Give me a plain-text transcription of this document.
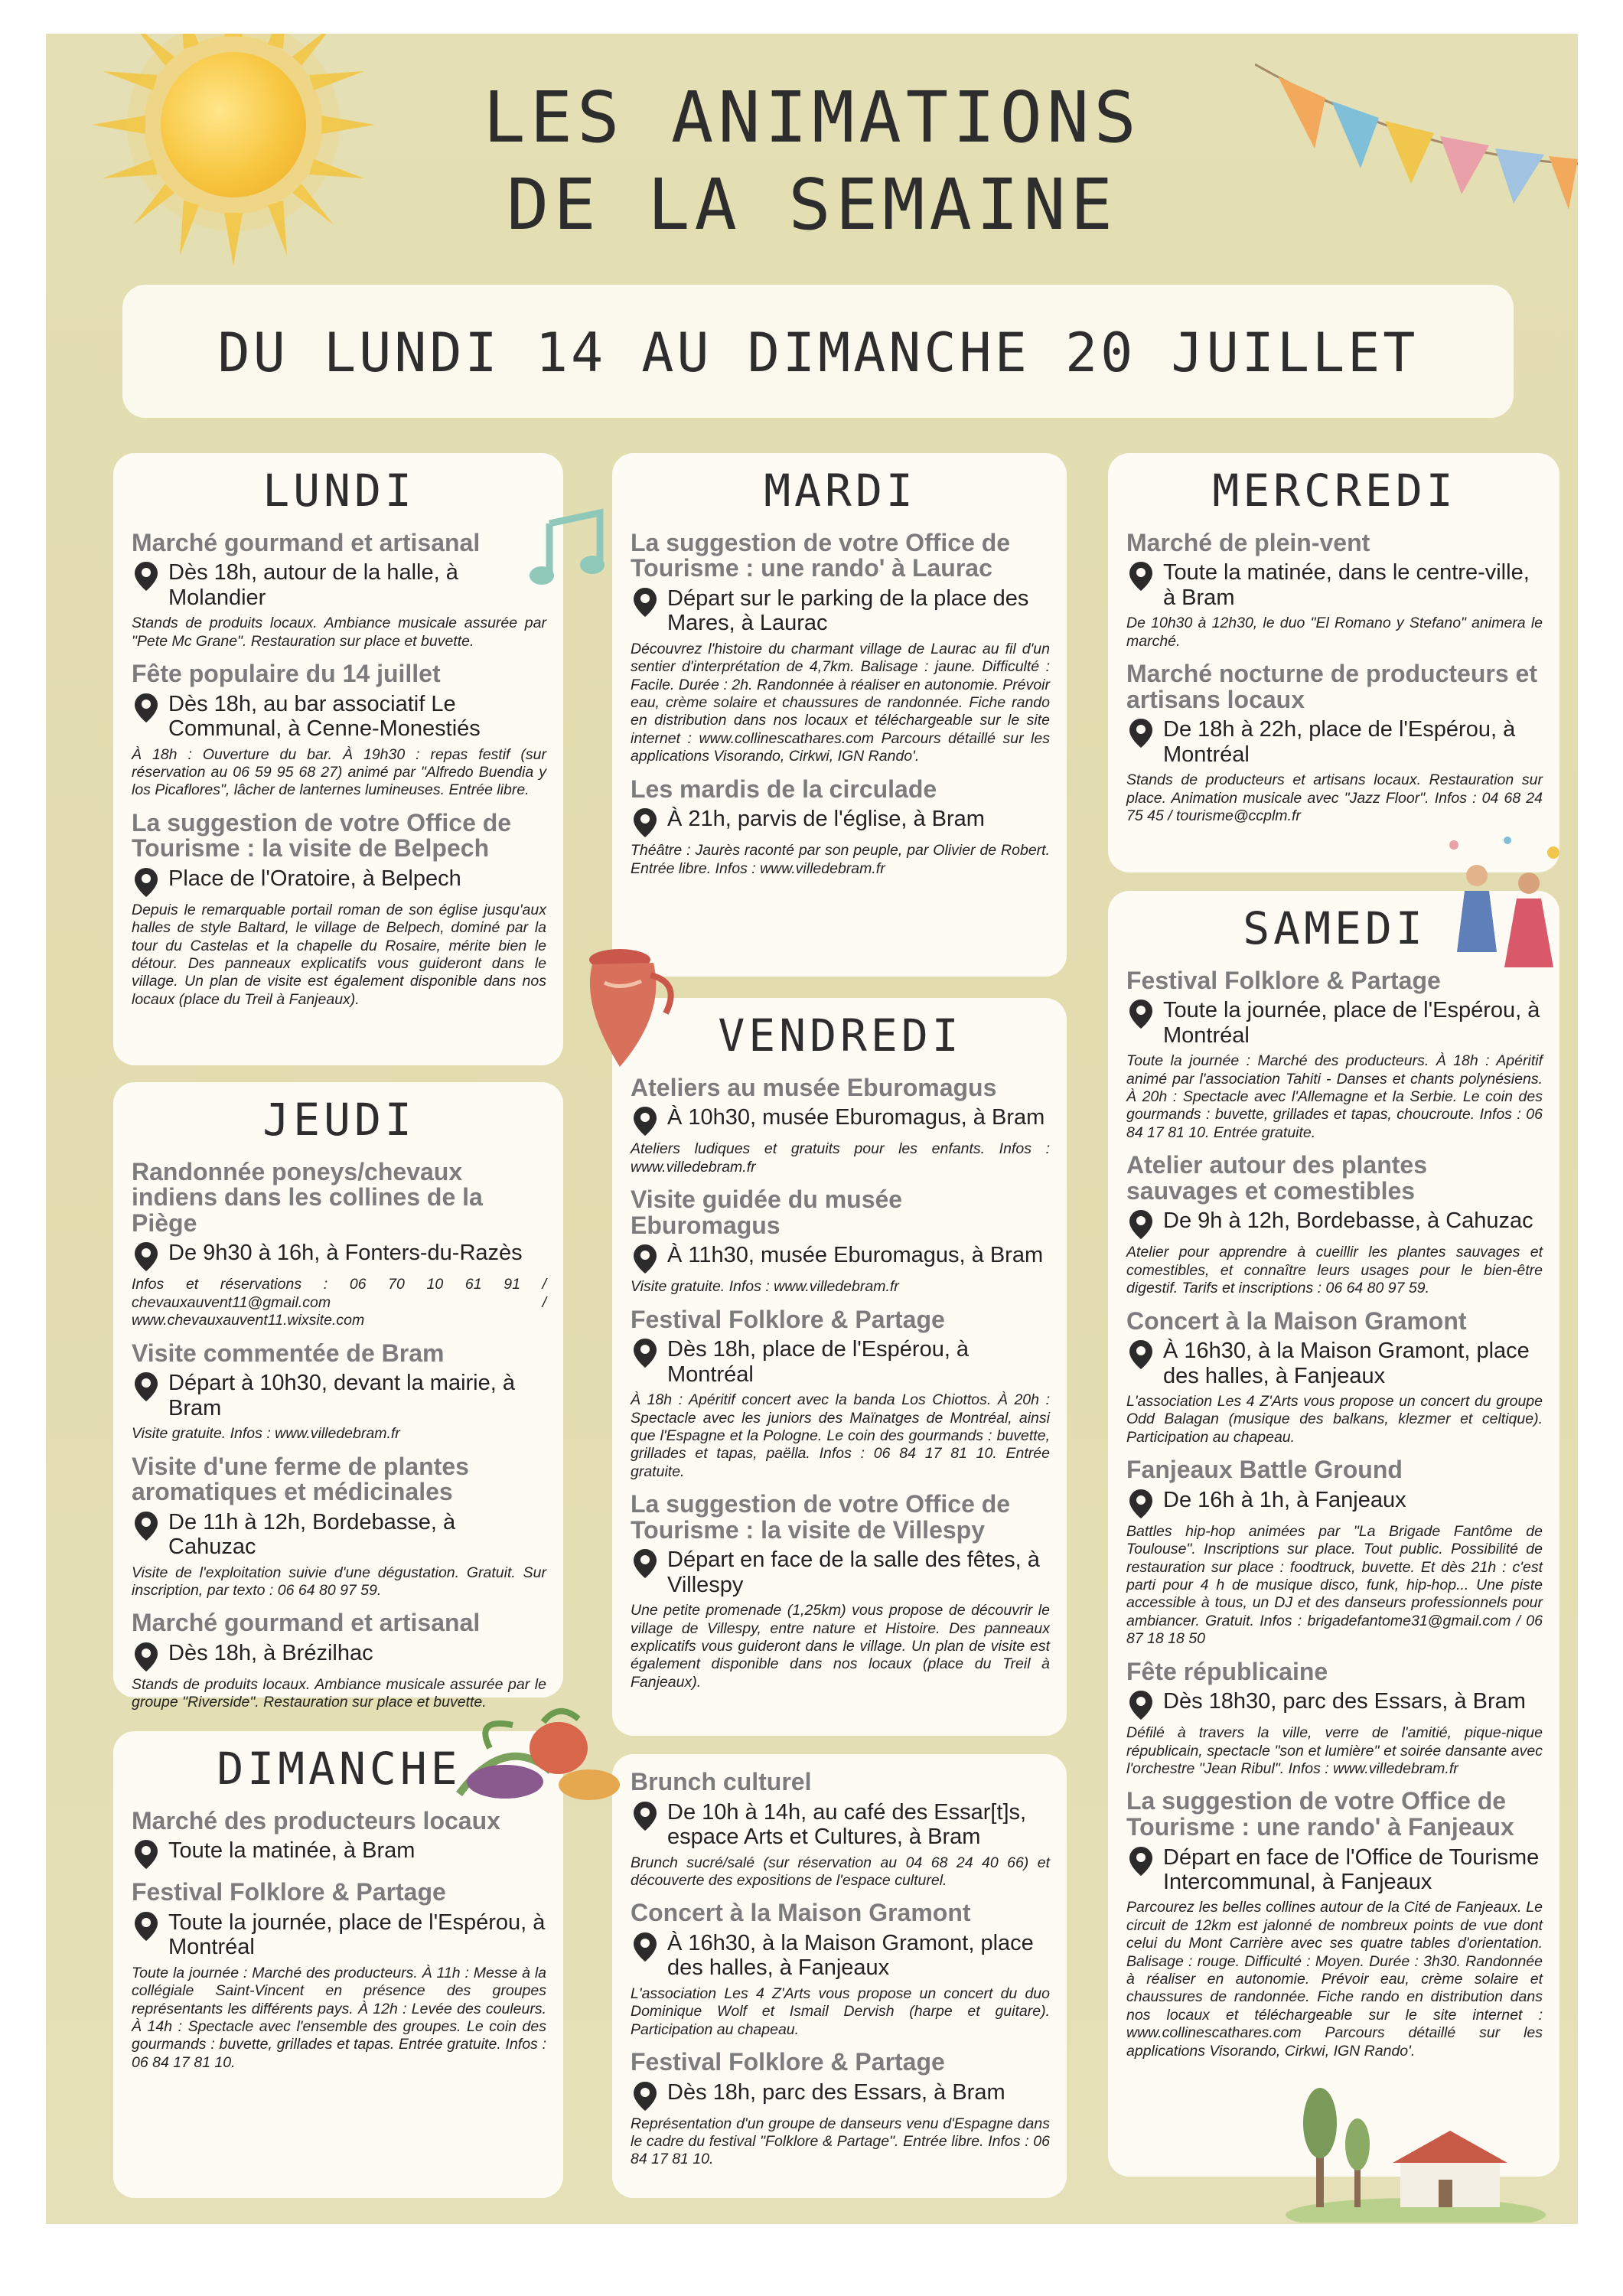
LES ANIMATIONS
DE LA SEMAINE
DU LUNDI 14 AU DIMANCHE 20 JUILLET
LUNDI
Marché gourmand et artisanal
Dès 18h, autour de la halle, à Molandier
Stands de produits locaux. Ambiance musicale assurée par "Pete Mc Grane". Restauration sur place et buvette.
Fête populaire du 14 juillet
Dès 18h, au bar associatif Le Communal, à Cenne-Monestiés
À 18h : Ouverture du bar. À 19h30 : repas festif (sur réservation au 06 59 95 68 27) animé par "Alfredo Buendia y los Picaflores", lâcher de lanternes lumineuses. Entrée libre.
La suggestion de votre Office de Tourisme : la visite de Belpech
Place de l'Oratoire, à Belpech
Depuis le remarquable portail roman de son église jusqu'aux halles de style Baltard, le village de Belpech, dominé par la tour du Castelas et la chapelle du Rosaire, mérite bien le détour. Des panneaux explicatifs vous guideront dans le village. Un plan de visite est également disponible dans nos locaux (place du Treil à Fanjeaux).
MARDI
La suggestion de votre Office de Tourisme : une rando' à Laurac
Départ sur le parking de la place des Mares, à Laurac
Découvrez l'histoire du charmant village de Laurac au fil d'un sentier d'interprétation de 4,7km. Balisage : jaune. Difficulté : Facile. Durée : 2h. Randonnée à réaliser en autonomie. Prévoir eau, crème solaire et chaussures de randonnée. Fiche rando en distribution dans nos locaux et téléchargeable sur le site internet : www.collinescathares.com Parcours détaillé sur les applications Visorando, Cirkwi, IGN Rando'.
Les mardis de la circulade
À 21h, parvis de l'église, à Bram
Théâtre : Jaurès raconté par son peuple, par Olivier de Robert. Entrée libre. Infos : www.villedebram.fr
MERCREDI
Marché de plein-vent
Toute la matinée, dans le centre-ville, à Bram
De 10h30 à 12h30, le duo "El Romano y Stefano" animera le marché.
Marché nocturne de producteurs et artisans locaux
De 18h à 22h, place de l'Espérou, à Montréal
Stands de producteurs et artisans locaux. Restauration sur place. Animation musicale avec "Jazz Floor". Infos : 04 68 24 75 45 / tourisme@ccplm.fr
JEUDI
Randonnée poneys/chevaux indiens dans les collines de la Piège
De 9h30 à 16h, à Fonters-du-Razès
Infos et réservations : 06 70 10 61 91 / chevauxauvent11@gmail.com / www.chevauxauvent11.wixsite.com
Visite commentée de Bram
Départ à 10h30, devant la mairie, à Bram
Visite gratuite. Infos : www.villedebram.fr
Visite d'une ferme de plantes aromatiques et médicinales
De 11h à 12h, Bordebasse, à Cahuzac
Visite de l'exploitation suivie d'une dégustation. Gratuit. Sur inscription, par texto : 06 64 80 97 59.
Marché gourmand et artisanal
Dès 18h, à Brézilhac
Stands de produits locaux. Ambiance musicale assurée par le groupe "Riverside". Restauration sur place et buvette.
VENDREDI
Ateliers au musée Eburomagus
À 10h30, musée Eburomagus, à Bram
Ateliers ludiques et gratuits pour les enfants. Infos : www.villedebram.fr
Visite guidée du musée Eburomagus
À 11h30, musée Eburomagus, à Bram
Visite gratuite. Infos : www.villedebram.fr
Festival Folklore & Partage
Dès 18h, place de l'Espérou, à Montréal
À 18h : Apéritif concert avec la banda Los Chiottos. À 20h : Spectacle avec les juniors des Maïnatges de Montréal, ainsi que l'Espagne et la Pologne. Le coin des gourmands : buvette, grillades et tapas, paëlla. Infos : 06 84 17 81 10. Entrée gratuite.
La suggestion de votre Office de Tourisme : la visite de Villespy
Départ en face de la salle des fêtes, à Villespy
Une petite promenade (1,25km) vous propose de découvrir le village de Villespy, entre nature et Histoire. Des panneaux explicatifs vous guideront dans le village. Un plan de visite est également disponible dans nos locaux (place du Treil à Fanjeaux).
SAMEDI
Festival Folklore & Partage
Toute la journée, place de l'Espérou, à Montréal
Toute la journée : Marché des producteurs. À 18h : Apéritif animé par l'association Tahiti - Danses et chants polynésiens. À 20h : Spectacle avec l'Allemagne et la Serbie. Le coin des gourmands : buvette, grillades et tapas, choucroute. Infos : 06 84 17 81 10. Entrée gratuite.
Atelier autour des plantes sauvages et comestibles
De 9h à 12h, Bordebasse, à Cahuzac
Atelier pour apprendre à cueillir les plantes sauvages et comestibles, et connaître leurs usages pour le bien-être digestif. Tarifs et inscriptions : 06 64 80 97 59.
Concert à la Maison Gramont
À 16h30, à la Maison Gramont, place des halles, à Fanjeaux
L'association Les 4 Z'Arts vous propose un concert du groupe Odd Balagan (musique des balkans, klezmer et celtique). Participation au chapeau.
Fanjeaux Battle Ground
De 16h à 1h, à Fanjeaux
Battles hip-hop animées par "La Brigade Fantôme de Toulouse". Inscriptions sur place. Tout public. Possibilité de restauration sur place : foodtruck, buvette. Et dès 21h : c'est parti pour 4 h de musique disco, funk, hip-hop... Une piste accessible à tous, un DJ et des danseurs professionnels pour ambiancer. Gratuit. Infos : brigadefantome31@gmail.com / 06 87 18 18 50
Fête républicaine
Dès 18h30, parc des Essars, à Bram
Défilé à travers la ville, verre de l'amitié, pique-nique républicain, spectacle "son et lumière" et soirée dansante avec l'orchestre "Jean Ribul". Infos : www.villedebram.fr
La suggestion de votre Office de Tourisme : une rando' à Fanjeaux
Départ en face de l'Office de Tourisme Intercommunal, à Fanjeaux
Parcourez les belles collines autour de la Cité de Fanjeaux. Le circuit de 12km est jalonné de nombreux points de vue dont celui du Mont Carrière avec ses quatre tables d'orientation. Balisage : rouge. Difficulté : Moyen. Durée : 3h30. Randonnée à réaliser en autonomie. Prévoir eau, crème solaire et chaussures de randonnée. Fiche rando en distribution dans nos locaux et téléchargeable sur le site internet : www.collinescathares.com Parcours détaillé sur les applications Visorando, Cirkwi, IGN Rando'.
DIMANCHE
Marché des producteurs locaux
Toute la matinée, à Bram
Festival Folklore & Partage
Toute la journée, place de l'Espérou, à Montréal
Toute la journée : Marché des producteurs. À 11h : Messe à la collégiale Saint-Vincent en présence des groupes représentants les différents pays. À 12h : Levée des couleurs. À 14h : Spectacle avec l'ensemble des groupes. Le coin des gourmands : buvette, grillades et tapas. Entrée gratuite. Infos : 06 84 17 81 10.
Brunch culturel
De 10h à 14h, au café des Essar[t]s, espace Arts et Cultures, à Bram
Brunch sucré/salé (sur réservation au 04 68 24 40 66) et découverte des expositions de l'espace culturel.
Concert à la Maison Gramont
À 16h30, à la Maison Gramont, place des halles, à Fanjeaux
L'association Les 4 Z'Arts vous propose un concert du duo Dominique Wolf et Ismail Dervish (harpe et guitare). Participation au chapeau.
Festival Folklore & Partage
Dès 18h, parc des Essars, à Bram
Représentation d'un groupe de danseurs venu d'Espagne dans le cadre du festival "Folklore & Partage". Entrée libre. Infos : 06 84 17 81 10.
